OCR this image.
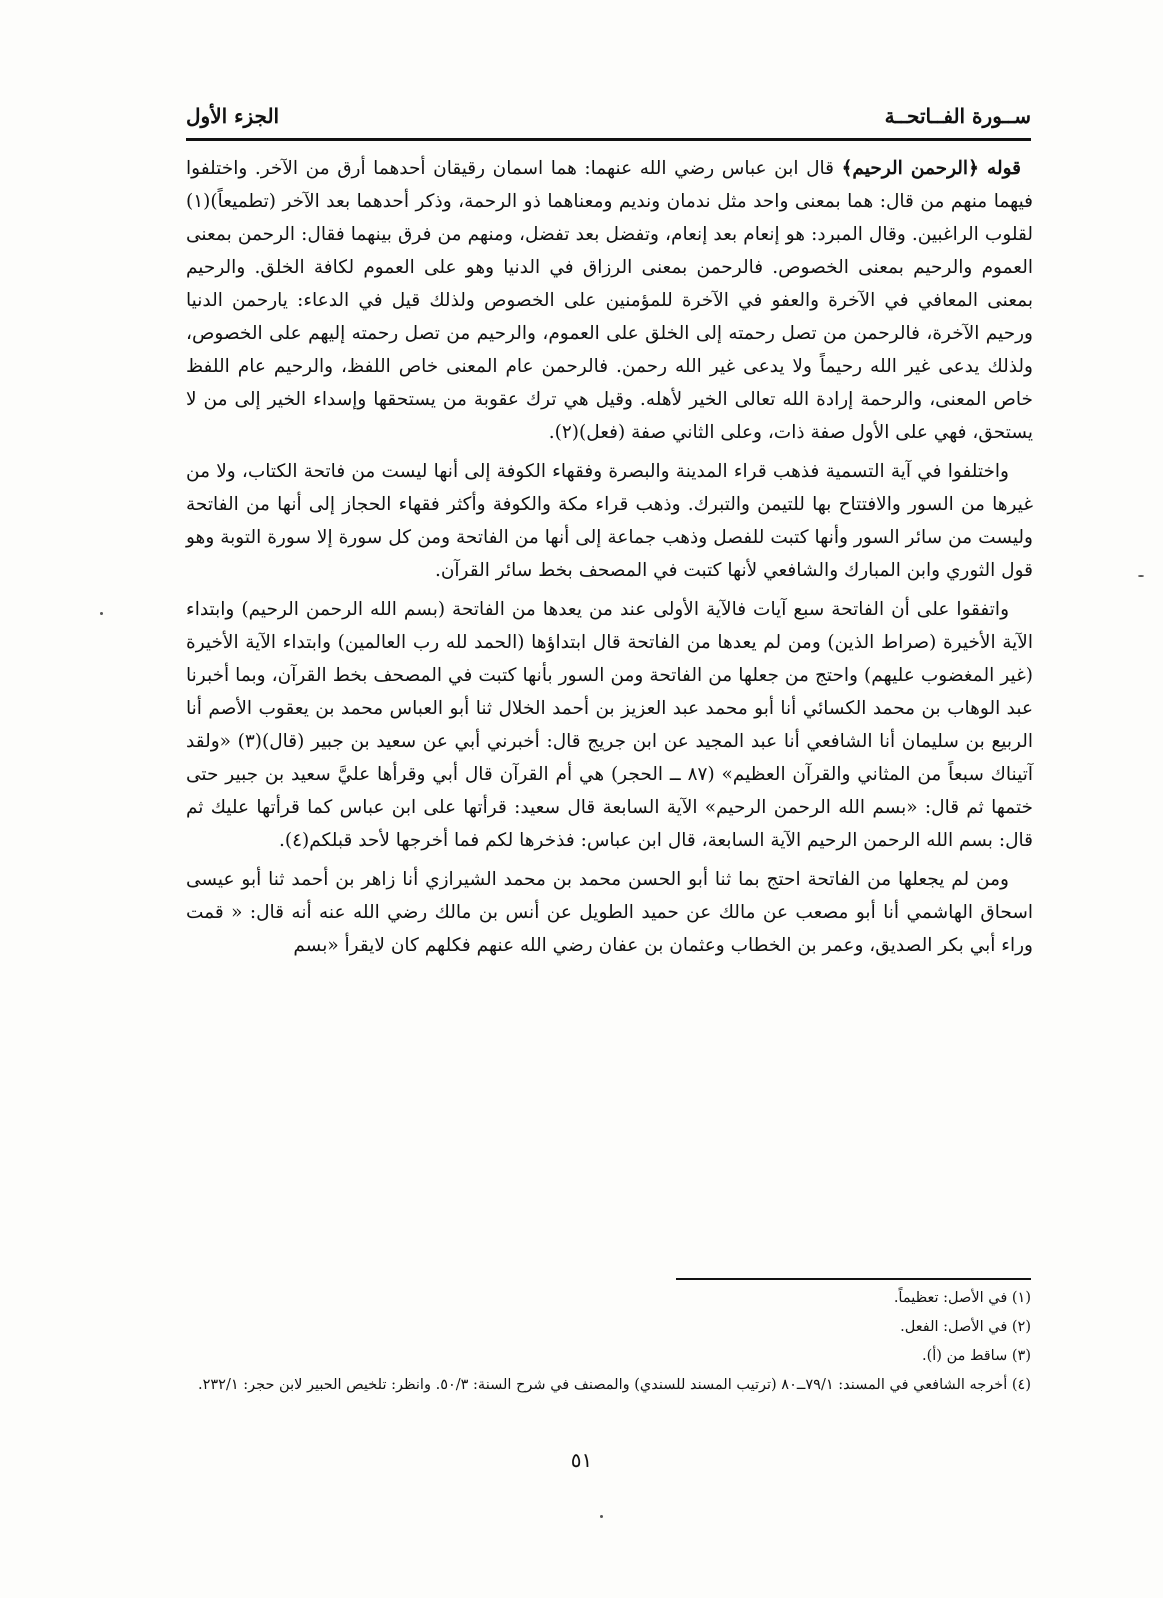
الجزء الأول	ســورة الفــاتحــة

قوله ﴿الرحمن الرحيم﴾ قال ابن عباس رضي الله عنهما: هما اسمان رقيقان أحدهما أرق من الآخر. واختلفوا فيهما منهم من قال: هما بمعنى واحد مثل ندمان ونديم ومعناهما ذو الرحمة، وذكر أحدهما بعد الآخر (تطميعاً)(١) لقلوب الراغبين. وقال المبرد: هو إنعام بعد إنعام، وتفضل بعد تفضل، ومنهم من فرق بينهما فقال: الرحمن بمعنى العموم والرحيم بمعنى الخصوص. فالرحمن بمعنى الرزاق في الدنيا وهو على العموم لكافة الخلق. والرحيم بمعنى المعافي في الآخرة والعفو في الآخرة للمؤمنين على الخصوص ولذلك قيل في الدعاء: يارحمن الدنيا ورحيم الآخرة، فالرحمن من تصل رحمته إلى الخلق على العموم، والرحيم من تصل رحمته إليهم على الخصوص، ولذلك يدعى غير الله رحيماً ولا يدعى غير الله رحمن. فالرحمن عام المعنى خاص اللفظ، والرحيم عام اللفظ خاص المعنى، والرحمة إرادة الله تعالى الخير لأهله. وقيل هي ترك عقوبة من يستحقها وإسداء الخير إلى من لا يستحق، فهي على الأول صفة ذات، وعلى الثاني صفة (فعل)(٢).

واختلفوا في آية التسمية فذهب قراء المدينة والبصرة وفقهاء الكوفة إلى أنها ليست من فاتحة الكتاب، ولا من غيرها من السور والافتتاح بها للتيمن والتبرك. وذهب قراء مكة والكوفة وأكثر فقهاء الحجاز إلى أنها من الفاتحة وليست من سائر السور وأنها كتبت للفصل وذهب جماعة إلى أنها من الفاتحة ومن كل سورة إلا سورة التوبة وهو قول الثوري وابن المبارك والشافعي لأنها كتبت في المصحف بخط سائر القرآن.

واتفقوا على أن الفاتحة سبع آيات فالآية الأولى عند من يعدها من الفاتحة (بسم الله الرحمن الرحيم) وابتداء الآية الأخيرة (صراط الذين) ومن لم يعدها من الفاتحة قال ابتداؤها (الحمد لله رب العالمين) وابتداء الآية الأخيرة (غير المغضوب عليهم) واحتج من جعلها من الفاتحة ومن السور بأنها كتبت في المصحف بخط القرآن، وبما أخبرنا عبد الوهاب بن محمد الكسائي أنا أبو محمد عبد العزيز بن أحمد الخلال ثنا أبو العباس محمد بن يعقوب الأصم أنا الربيع بن سليمان أنا الشافعي أنا عبد المجيد عن ابن جريج قال: أخبرني أبي عن سعيد بن جبير (قال)(٣) «ولقد آتيناك سبعاً من المثاني والقرآن العظيم» (٨٧ ــ الحجر) هي أم القرآن قال أبي وقرأها عليَّ سعيد بن جبير حتى ختمها ثم قال: «بسم الله الرحمن الرحيم» الآية السابعة قال سعيد: قرأتها على ابن عباس كما قرأتها عليك ثم قال: بسم الله الرحمن الرحيم الآية السابعة، قال ابن عباس: فذخرها لكم فما أخرجها لأحد قبلكم(٤).

ومن لم يجعلها من الفاتحة احتج بما ثنا أبو الحسن محمد بن محمد الشيرازي أنا زاهر بن أحمد ثنا أبو عيسى اسحاق الهاشمي أنا أبو مصعب عن مالك عن حميد الطويل عن أنس بن مالك رضي الله عنه أنه قال: « قمت وراء أبي بكر الصديق، وعمر بن الخطاب وعثمان بن عفان رضي الله عنهم فكلهم كان لايقرأ «بسم

(١) في الأصل: تعظيماً.
(٢) في الأصل: الفعل.
(٣) ساقط من (أ).
(٤) أخرجه الشافعي في المسند: ٧٩/١ــ٨٠ (ترتيب المسند للسندي) والمصنف في شرح السنة: ٥٠/٣. وانظر: تلخيص الحبير لابن حجر: ٢٣٢/١.
٥١
